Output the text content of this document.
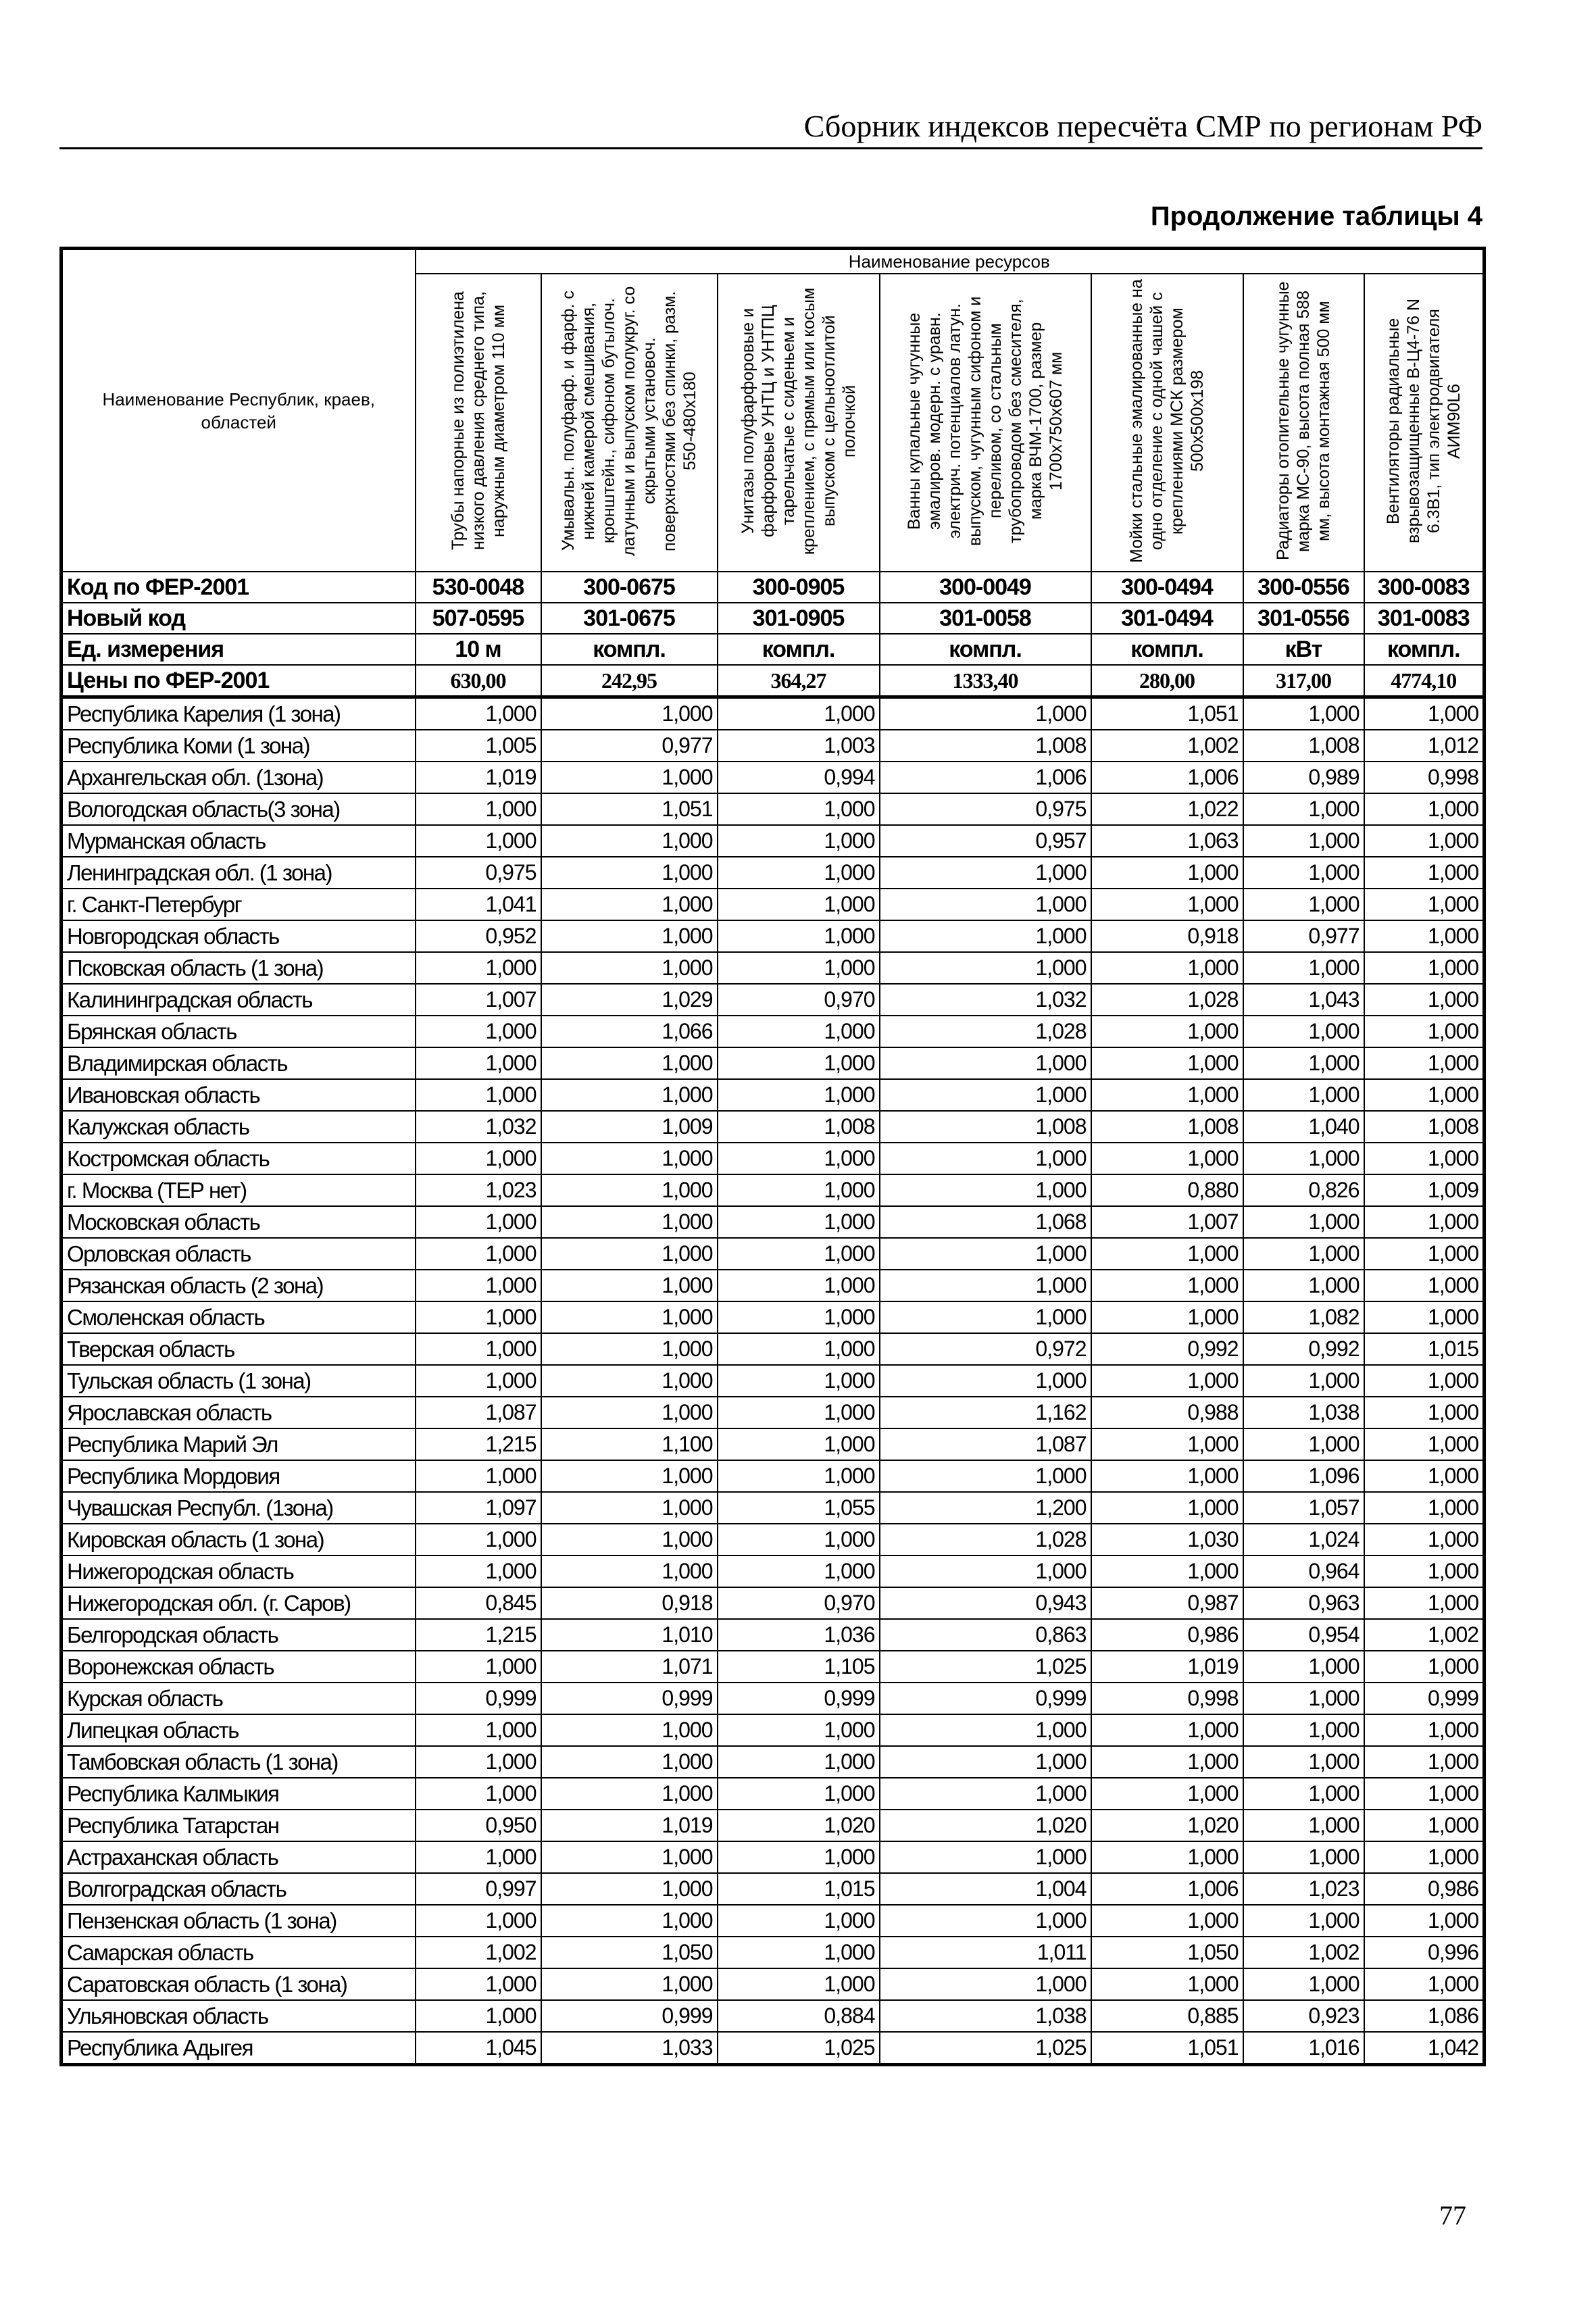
Сборник индексов пересчёта СМР по регионам РФ
Продолжение таблицы 4
Наименование Республик, краев, областей	Наименование ресурсов						
	Трубы напорные из полиэтилена низкого давления среднего типа, наружным диаметром 110 мм	Умывальн. полуфарф. и фарф. с нижней камерой смешивания, кронштейн., сифоном бутылоч. латунным и выпуском полукруг. со скрытыми установоч. поверхностями без спинки, разм. 550-480x180	Унитазы полуфарфоровые и фарфоровые УНТЦ и УНТПЦ тарельчатые с сиденьем и креплением, с прямым или косым выпуском с цельноотлитой полочкой	Ванны купальные чугунные эмалиров. модерн. с уравн. электрич. потенциалов латун. выпуском, чугунным сифоном и переливом, со стальным трубопроводом без смесителя, марка ВЧМ-1700, размер 1700x750x607 мм	Мойки стальные эмалированные на одно отделение с одной чашей с креплениями МСК размером 500x500x198	Радиаторы отопительные чугунные марка МС-90, высота полная 588 мм, высота монтажная 500 мм	Вентиляторы радиальные взрывозащищенные В-Ц4-76 N 6.3В1, тип электродвигателя АИМ90L6
Код по ФЕР-2001	530-0048	300-0675	300-0905	300-0049	300-0494	300-0556	300-0083
Новый код	507-0595	301-0675	301-0905	301-0058	301-0494	301-0556	301-0083
Ед. измерения	10 м	компл.	компл.	компл.	компл.	кВт	компл.
Цены по ФЕР-2001	630,00	242,95	364,27	1333,40	280,00	317,00	4774,10
Республика Карелия (1 зона)	1,000	1,000	1,000	1,000	1,051	1,000	1,000
Республика Коми (1 зона)	1,005	0,977	1,003	1,008	1,002	1,008	1,012
Архангельская обл. (1зона)	1,019	1,000	0,994	1,006	1,006	0,989	0,998
Вологодская область(3 зона)	1,000	1,051	1,000	0,975	1,022	1,000	1,000
Мурманская область	1,000	1,000	1,000	0,957	1,063	1,000	1,000
Ленинградская обл. (1 зона)	0,975	1,000	1,000	1,000	1,000	1,000	1,000
г. Санкт-Петербург	1,041	1,000	1,000	1,000	1,000	1,000	1,000
Новгородская область	0,952	1,000	1,000	1,000	0,918	0,977	1,000
Псковская область (1 зона)	1,000	1,000	1,000	1,000	1,000	1,000	1,000
Калининградская область	1,007	1,029	0,970	1,032	1,028	1,043	1,000
Брянская область	1,000	1,066	1,000	1,028	1,000	1,000	1,000
Владимирская область	1,000	1,000	1,000	1,000	1,000	1,000	1,000
Ивановская область	1,000	1,000	1,000	1,000	1,000	1,000	1,000
Калужская область	1,032	1,009	1,008	1,008	1,008	1,040	1,008
Костромская область	1,000	1,000	1,000	1,000	1,000	1,000	1,000
г. Москва (ТЕР нет)	1,023	1,000	1,000	1,000	0,880	0,826	1,009
Московская область	1,000	1,000	1,000	1,068	1,007	1,000	1,000
Орловская область	1,000	1,000	1,000	1,000	1,000	1,000	1,000
Рязанская область (2 зона)	1,000	1,000	1,000	1,000	1,000	1,000	1,000
Смоленская область	1,000	1,000	1,000	1,000	1,000	1,082	1,000
Тверская область	1,000	1,000	1,000	0,972	0,992	0,992	1,015
Тульская область (1 зона)	1,000	1,000	1,000	1,000	1,000	1,000	1,000
Ярославская область	1,087	1,000	1,000	1,162	0,988	1,038	1,000
Республика Марий Эл	1,215	1,100	1,000	1,087	1,000	1,000	1,000
Республика Мордовия	1,000	1,000	1,000	1,000	1,000	1,096	1,000
Чувашская Республ. (1зона)	1,097	1,000	1,055	1,200	1,000	1,057	1,000
Кировская область (1 зона)	1,000	1,000	1,000	1,028	1,030	1,024	1,000
Нижегородская область	1,000	1,000	1,000	1,000	1,000	0,964	1,000
Нижегородская обл. (г. Саров)	0,845	0,918	0,970	0,943	0,987	0,963	1,000
Белгородская область	1,215	1,010	1,036	0,863	0,986	0,954	1,002
Воронежская область	1,000	1,071	1,105	1,025	1,019	1,000	1,000
Курская область	0,999	0,999	0,999	0,999	0,998	1,000	0,999
Липецкая область	1,000	1,000	1,000	1,000	1,000	1,000	1,000
Тамбовская область (1 зона)	1,000	1,000	1,000	1,000	1,000	1,000	1,000
Республика Калмыкия	1,000	1,000	1,000	1,000	1,000	1,000	1,000
Республика Татарстан	0,950	1,019	1,020	1,020	1,020	1,000	1,000
Астраханская область	1,000	1,000	1,000	1,000	1,000	1,000	1,000
Волгоградская область	0,997	1,000	1,015	1,004	1,006	1,023	0,986
Пензенская область (1 зона)	1,000	1,000	1,000	1,000	1,000	1,000	1,000
Самарская область	1,002	1,050	1,000	1,011	1,050	1,002	0,996
Саратовская область (1 зона)	1,000	1,000	1,000	1,000	1,000	1,000	1,000
Ульяновская область	1,000	0,999	0,884	1,038	0,885	0,923	1,086
Республика Адыгея	1,045	1,033	1,025	1,025	1,051	1,016	1,042
77
